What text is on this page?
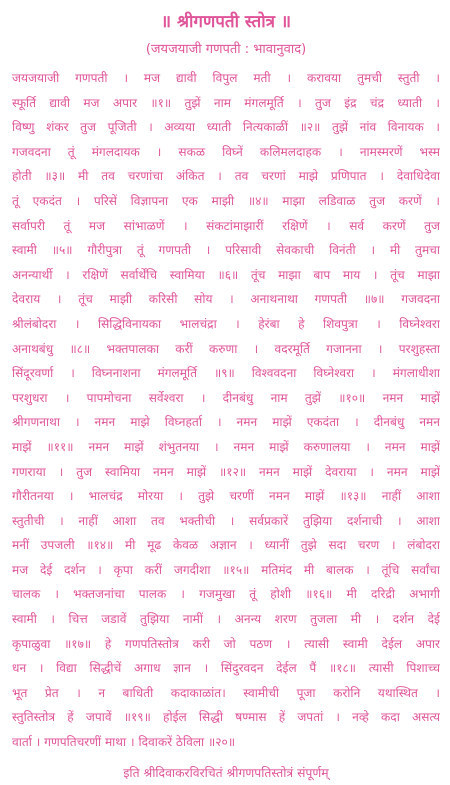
॥ श्रीगणपती स्तोत्र ॥
(जयजयाजी गणपती : भावानुवाद)
जयजयाजी गणपती । मज द्यावी विपुल मती । करावया तुमची स्तुती ।
स्फूर्ति द्यावी मज अपार ॥१॥ तुझें नाम मंगलमूर्ति । तुज इंद्र चंद्र ध्याती ।
विष्णु शंकर तुज पूजिती । अव्यया ध्याती नित्यकाळीं ॥२॥ तुझें नांव विनायक ।
गजवदना तूं मंगलदायक । सकळ विघ्नें कलिमलदाहक । नामस्मरणें भस्म
होती ॥३॥ मी तव चरणांचा अंकित । तव चरणां माझे प्रणिपात । देवाधिदेवा
तूं एकदंत । परिसें विज्ञापना एक माझी ॥४॥ माझा लडिवाळ तुज करणें ।
सर्वापरी तूं मज सांभाळणें । संकटांमाझारीं रक्षिणें । सर्व करणें तुज
स्वामी ॥५॥ गौरीपुत्रा तूं गणपती । परिसावी सेवकाची विनंती । मी तुमचा
अनन्यार्थी । रक्षिणें सर्वार्थेंचि स्वामिया ॥६॥ तूंच माझा बाप माय । तूंच माझा
देवराय । तूंच माझी करिसी सोय । अनाथनाथा गणपती ॥७॥ गजवदना
श्रीलंबोदरा । सिद्धिविनायका भालचंद्रा । हेरंबा हे शिवपुत्रा । विघ्नेश्वरा
अनाथबंधु ॥८॥ भक्तपालका करीं करुणा । वदरमूर्ति गजानना । परशुहस्ता
सिंदूरवर्णा । विघ्ननाशना मंगलमूर्ति ॥९॥ विश्ववदना विघ्नेश्वरा । मंगलाधीशा
परशुधरा । पापमोचना सर्वेश्वरा । दीनबंधु नाम तुझें ॥१०॥ नमन माझें
श्रीगणनाथा । नमन माझे विघ्नहर्ता । नमन माझें एकदंता । दीनबंधु नमन
माझें ॥११॥ नमन माझें शंभुतनया । नमन माझें करुणालया । नमन माझें
गणराया । तुज स्वामिया नमन माझें ॥१२॥ नमन माझें देवराया । नमन माझें
गौरीतनया । भालचंद्र मोरया । तुझे चरणीं नमन माझें ॥१३॥ नाहीं आशा
स्तुतीची । नाहीं आशा तव भक्तीची । सर्वप्रकारें तुझिया दर्शनाची । आशा
मनीं उपजली ॥१४॥ मी मूढ केवळ अज्ञान । ध्यानीं तुझे सदा चरण । लंबोदरा
मज देई दर्शन । कृपा करीं जगदीशा ॥१५॥ मतिमंद मी बालक । तूंचि सर्वांचा
चालक । भक्तजनांचा पालक । गजमुखा तूं होशी ॥१६॥ मी दरिद्री अभागी
स्वामी । चित्त जडावें तुझिया नामीं । अनन्य शरण तुजला मी । दर्शन देई
कृपाळुवा ॥१७॥ हे गणपतिस्तोत्र करी जो पठण । त्यासी स्वामी देईल अपार
धन । विद्या सिद्धीचें अगाध ज्ञान । सिंदुरवदन देईल पैं ॥१८॥ त्यासी पिशाच्च
भूत प्रेत । न बाधिती कदाकाळांत। स्वामीची पूजा करोनि यथास्थित ।
स्तुतिस्तोत्र हें जपावें ॥१९॥ होईल सिद्धी षण्मास हें जपतां । नव्हे कदा असत्य
वार्ता । गणपतिचरणीं माथा । दिवाकरें ठेविला ॥२०॥
इति श्रीदिवाकरविरचितं श्रीगणपतिस्तोत्रं संपूर्णम्
